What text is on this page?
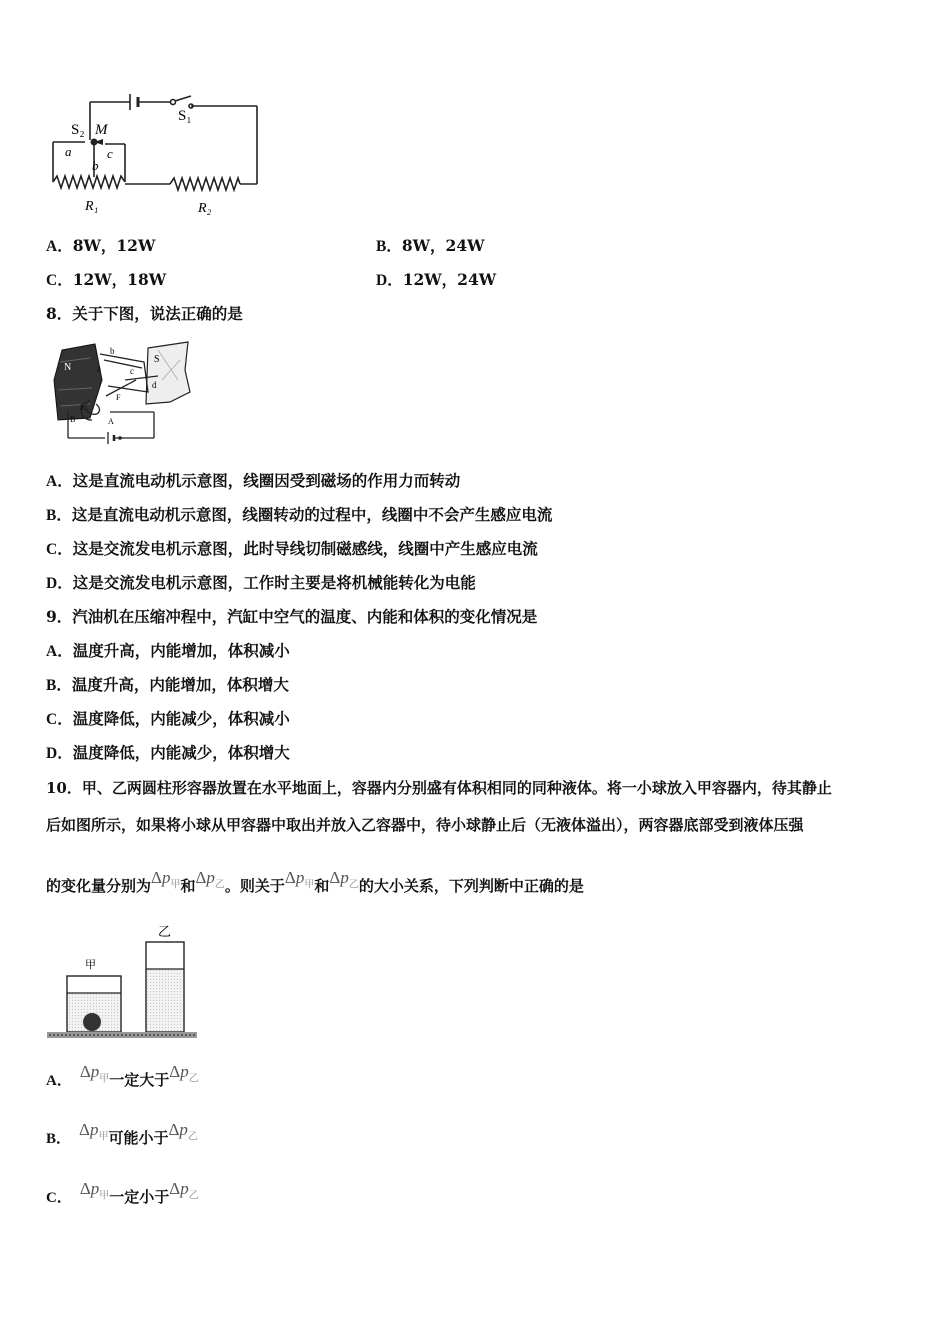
S₂ M
S₁
a
b
c
R₁	R₂
A．8W，12W	B．8W，24W
C．12W，18W	D．12W，24W
8．关于下图，说法正确的是
N
S
b
d
a	c
B	A
E
F
A．这是直流电动机示意图，线圈因受到磁场的作用力而转动
B．这是直流电动机示意图，线圈转动的过程中，线圈中不会产生感应电流
C．这是交流发电机示意图，此时导线切制磁感线，线圈中产生感应电流
D．这是交流发电机示意图，工作时主要是将机械能转化为电能
9．汽油机在压缩冲程中，汽缸中空气的温度、内能和体积的变化情况是
A．温度升高，内能增加，体积减小
B．温度升高，内能增加，体积增大
C．温度降低，内能减少，体积减小
D．温度降低，内能减少，体积增大
10．甲、乙两圆柱形容器放置在水平地面上，容器内分别盛有体积相同的同种液体。将一小球放入甲容器内，待其静止
后如图所示，如果将小球从甲容器中取出并放入乙容器中，待小球静止后（无液体溢出），两容器底部受到液体压强
的变化量分别为$\Delta p_甲$和$\Delta p_乙$。则关于$\Delta p_甲$和$\Delta p_乙$的大小关系，下列判断中正确的是
甲
乙
A． $\Delta p_甲$一定大于$\Delta p_乙$
B． $\Delta p_甲$可能小于$\Delta p_乙$
C． $\Delta p_甲$一定小于$\Delta p_乙$
